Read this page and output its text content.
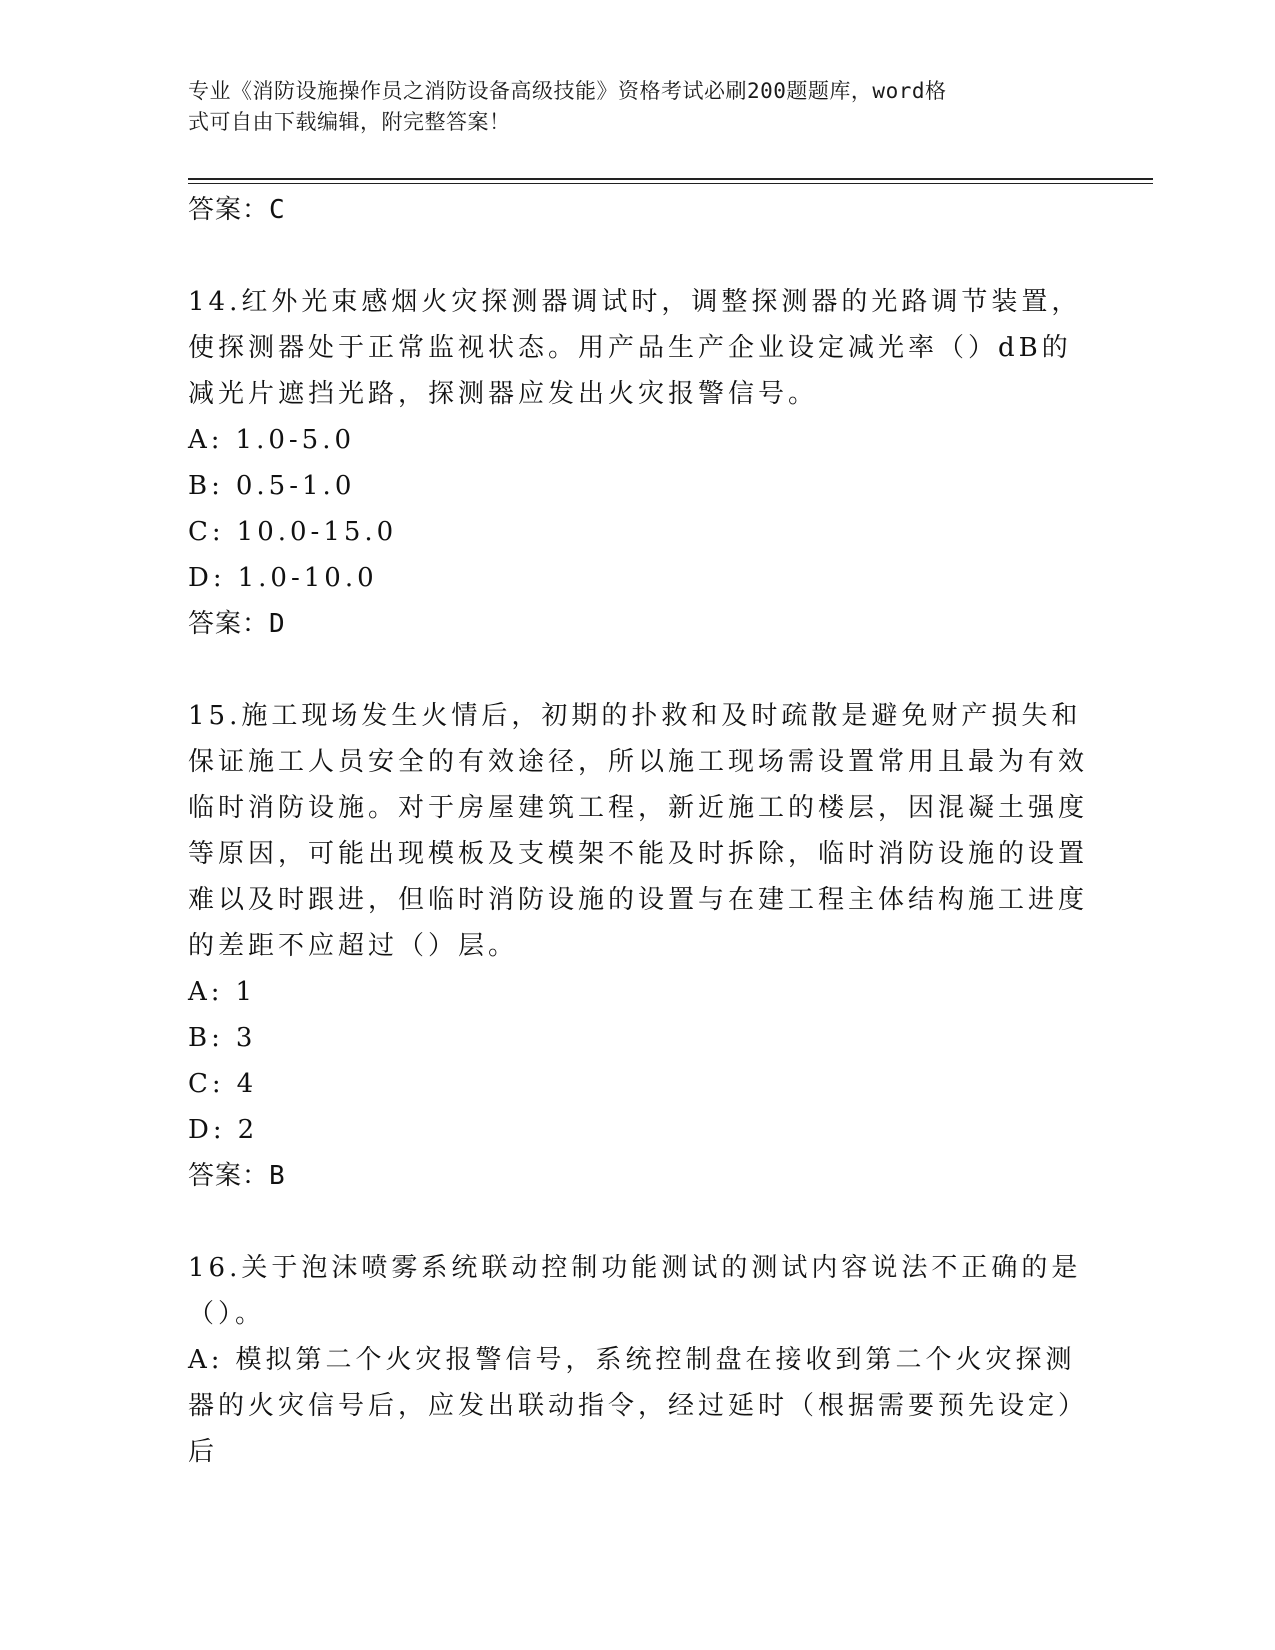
专业《消防设施操作员之消防设备高级技能》资格考试必刷200题题库，word格
式可自由下载编辑，附完整答案！
答案：C
14.红外光束感烟火灾探测器调试时，调整探测器的光路调节装置，使探测器处于正常监视状态。用产品生产企业设定减光率（）dB的减光片遮挡光路，探测器应发出火灾报警信号。
A: 1.0-5.0
B: 0.5-1.0
C: 10.0-15.0
D: 1.0-10.0
答案：D
15.施工现场发生火情后，初期的扑救和及时疏散是避免财产损失和保证施工人员安全的有效途径，所以施工现场需设置常用且最为有效临时消防设施。对于房屋建筑工程，新近施工的楼层，因混凝土强度等原因，可能出现模板及支模架不能及时拆除，临时消防设施的设置难以及时跟进，但临时消防设施的设置与在建工程主体结构施工进度的差距不应超过（）层。
A: 1
B: 3
C: 4
D: 2
答案：B
16.关于泡沫喷雾系统联动控制功能测试的测试内容说法不正确的是（）。
A: 模拟第二个火灾报警信号，系统控制盘在接收到第二个火灾探测器的火灾信号后，应发出联动指令，经过延时（根据需要预先设定）后
